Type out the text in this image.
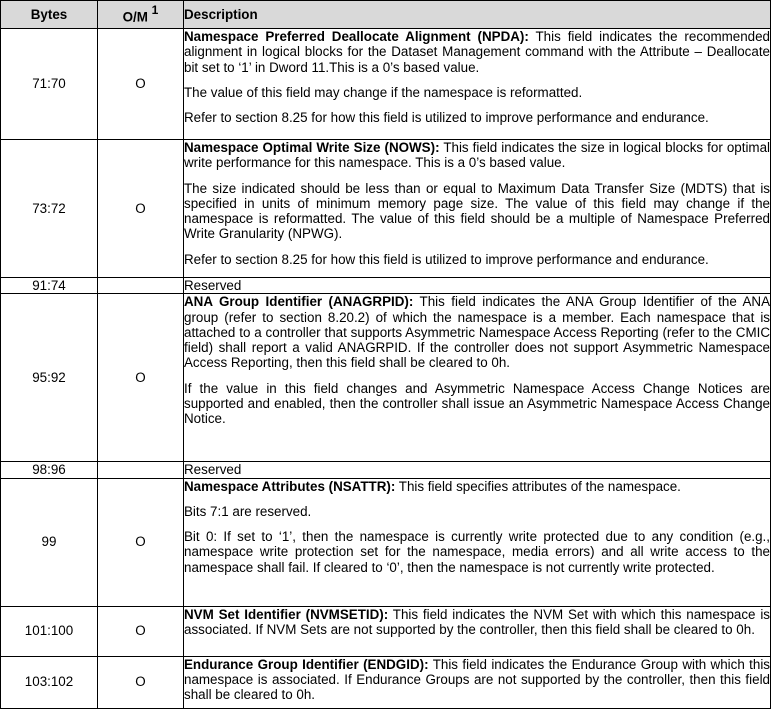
Bytes	O/M $^1$	Description
71:70	O	Namespace Preferred Deallocate Alignment (NPDA): This field indicates the recommended alignment in logical blocks for the Dataset Management command with the Attribute – Deallocate bit set to ‘1’ in Dword 11.This is a 0’s based value.

The value of this field may change if the namespace is reformatted.

Refer to section 8.25 for how this field is utilized to improve performance and endurance.

73:72	O	Namespace Optimal Write Size (NOWS): This field indicates the size in logical blocks for optimal write performance for this namespace. This is a 0’s based value.

The size indicated should be less than or equal to Maximum Data Transfer Size (MDTS) that is specified in units of minimum memory page size. The value of this field may change if the namespace is reformatted. The value of this field should be a multiple of Namespace Preferred Write Granularity (NPWG).

Refer to section 8.25 for how this field is utilized to improve performance and endurance.

91:74		Reserved

95:92	O	ANA Group Identifier (ANAGRPID): This field indicates the ANA Group Identifier of the ANA group (refer to section 8.20.2) of which the namespace is a member. Each namespace that is attached to a controller that supports Asymmetric Namespace Access Reporting (refer to the CMIC field) shall report a valid ANAGRPID. If the controller does not support Asymmetric Namespace Access Reporting, then this field shall be cleared to 0h.

If the value in this field changes and Asymmetric Namespace Access Change Notices are supported and enabled, then the controller shall issue an Asymmetric Namespace Access Change Notice.

98:96		Reserved

99	O	Namespace Attributes (NSATTR): This field specifies attributes of the namespace.

Bits 7:1 are reserved.

Bit 0: If set to ‘1’, then the namespace is currently write protected due to any condition (e.g., namespace write protection set for the namespace, media errors) and all write access to the namespace shall fail. If cleared to ‘0’, then the namespace is not currently write protected.

101:100	O	NVM Set Identifier (NVMSETID): This field indicates the NVM Set with which this namespace is associated. If NVM Sets are not supported by the controller, then this field shall be cleared to 0h.

103:102	O	Endurance Group Identifier (ENDGID): This field indicates the Endurance Group with which this namespace is associated. If Endurance Groups are not supported by the controller, then this field shall be cleared to 0h.
